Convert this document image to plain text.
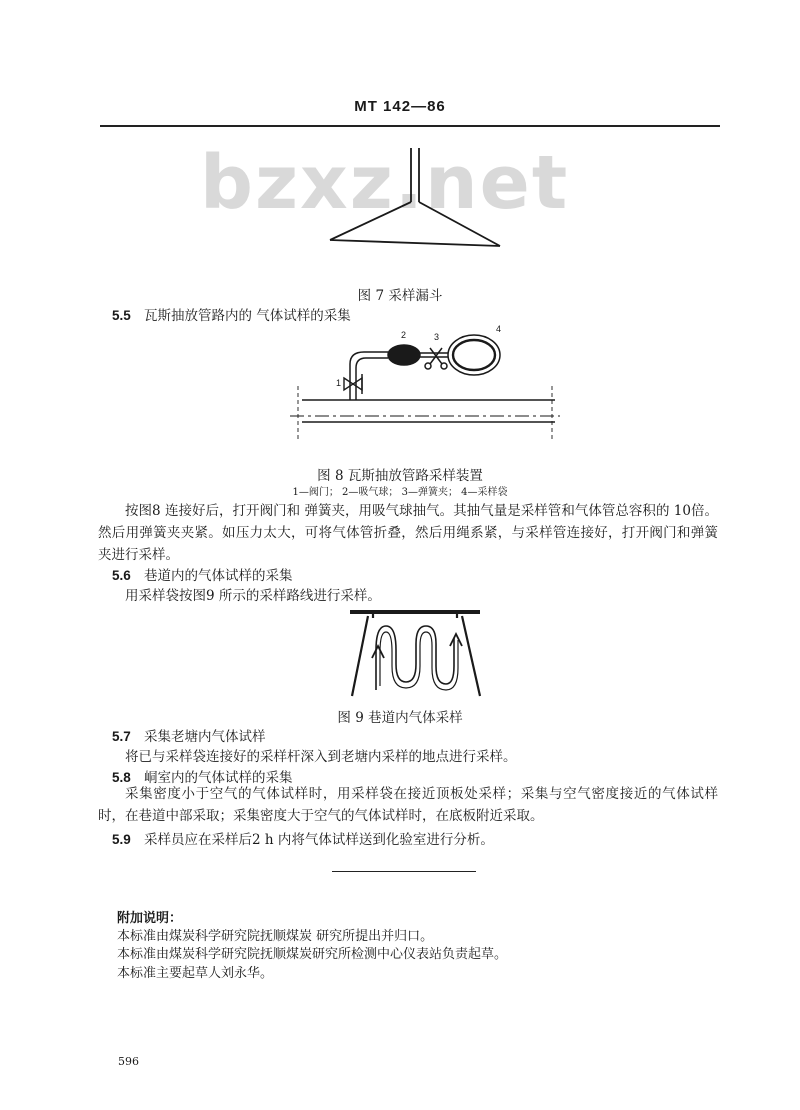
MT 142—86
bzxz.net
图 7 采样漏斗
5.5 瓦斯抽放管路内的 气体试样的采集
1
2	3
4
图 8 瓦斯抽放管路采样装置
1—阀门； 2—吸气球； 3—弹簧夹； 4—采样袋
按图8 连接好后，打开阀门和 弹簧夹，用吸气球抽气。其抽气量是采样管和气体管总容积的 10倍。然后用弹簧夹夹紧。如压力太大，可将气体管折叠，然后用绳系紧，与采样管连接好，打开阀门和弹簧夹进行采样。
5.6 巷道内的气体试样的采集
用采样袋按图9 所示的采样路线进行采样。
图 9 巷道内气体采样
5.7 采集老塘内气体试样
将已与采样袋连接好的采样杆深入到老塘内采样的地点进行采样。
5.8 峒室内的气体试样的采集
采集密度小于空气的气体试样时，用采样袋在接近顶板处采样；采集与空气密度接近的气体试样时，在巷道中部采取；采集密度大于空气的气体试样时，在底板附近采取。
5.9 采样员应在采样后2 h 内将气体试样送到化验室进行分析。
附加说明：
本标准由煤炭科学研究院抚顺煤炭 研究所提出并归口。
本标准由煤炭科学研究院抚顺煤炭研究所检测中心仪表站负责起草。
本标准主要起草人刘永华。
596
